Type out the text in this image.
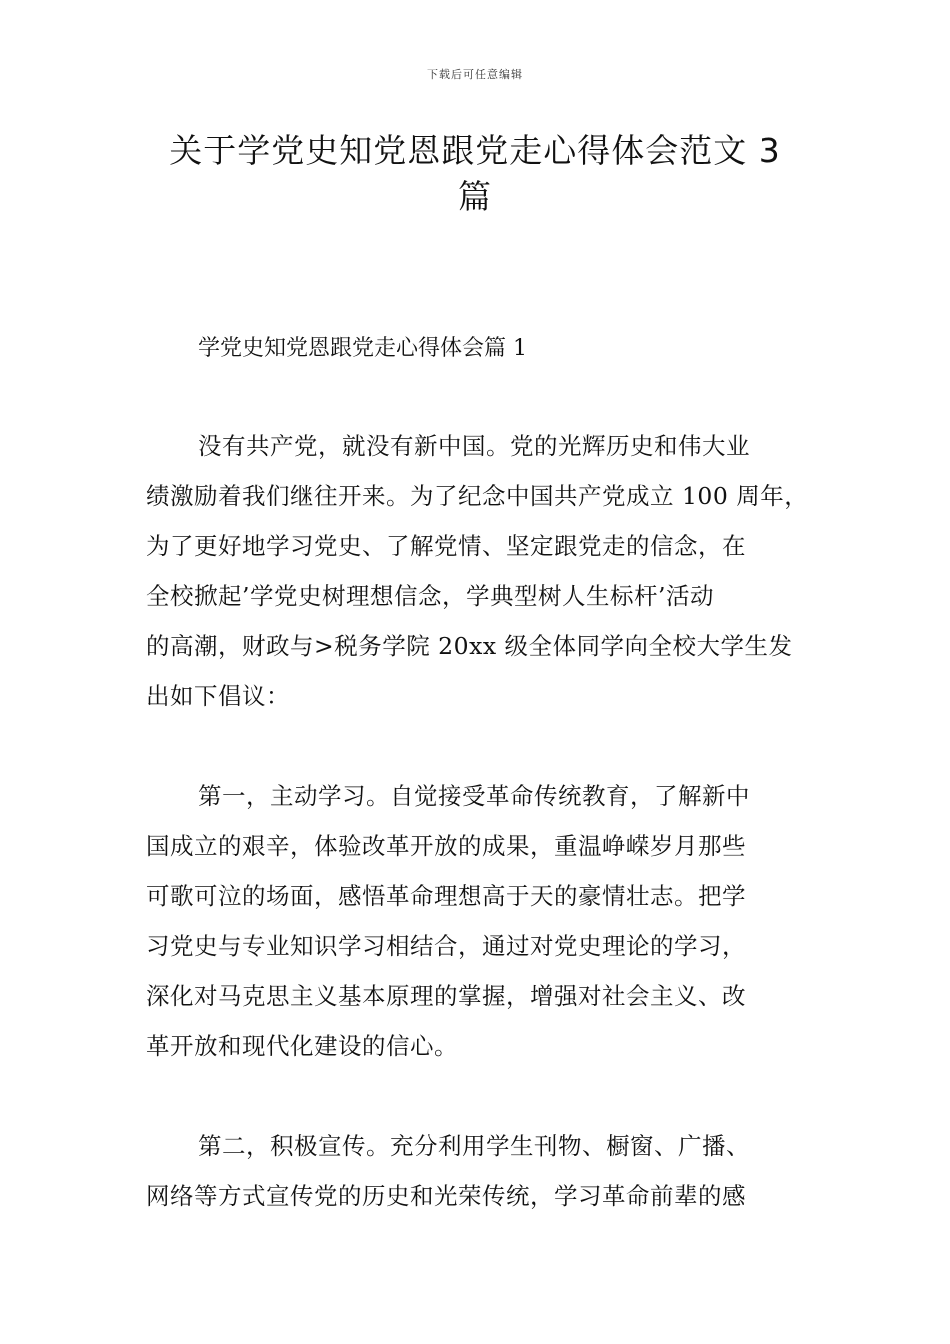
下载后可任意编辑
关于学党史知党恩跟党走心得体会范文 3
篇
学党史知党恩跟党走心得体会篇 1
没有共产党，就没有新中国。党的光辉历史和伟大业
绩激励着我们继往开来。为了纪念中国共产党成立 100 周年，
为了更好地学习党史、了解党情、坚定跟党走的信念，在
全校掀起’学党史树理想信念，学典型树人生标杆’活动
的高潮，财政与>税务学院 20xx 级全体同学向全校大学生发
出如下倡议：
第一，主动学习。自觉接受革命传统教育，了解新中
国成立的艰辛，体验改革开放的成果，重温峥嵘岁月那些
可歌可泣的场面，感悟革命理想高于天的豪情壮志。把学
习党史与专业知识学习相结合，通过对党史理论的学习，
深化对马克思主义基本原理的掌握，增强对社会主义、改
革开放和现代化建设的信心。
第二，积极宣传。充分利用学生刊物、橱窗、广播、
网络等方式宣传党的历史和光荣传统，学习革命前辈的感
